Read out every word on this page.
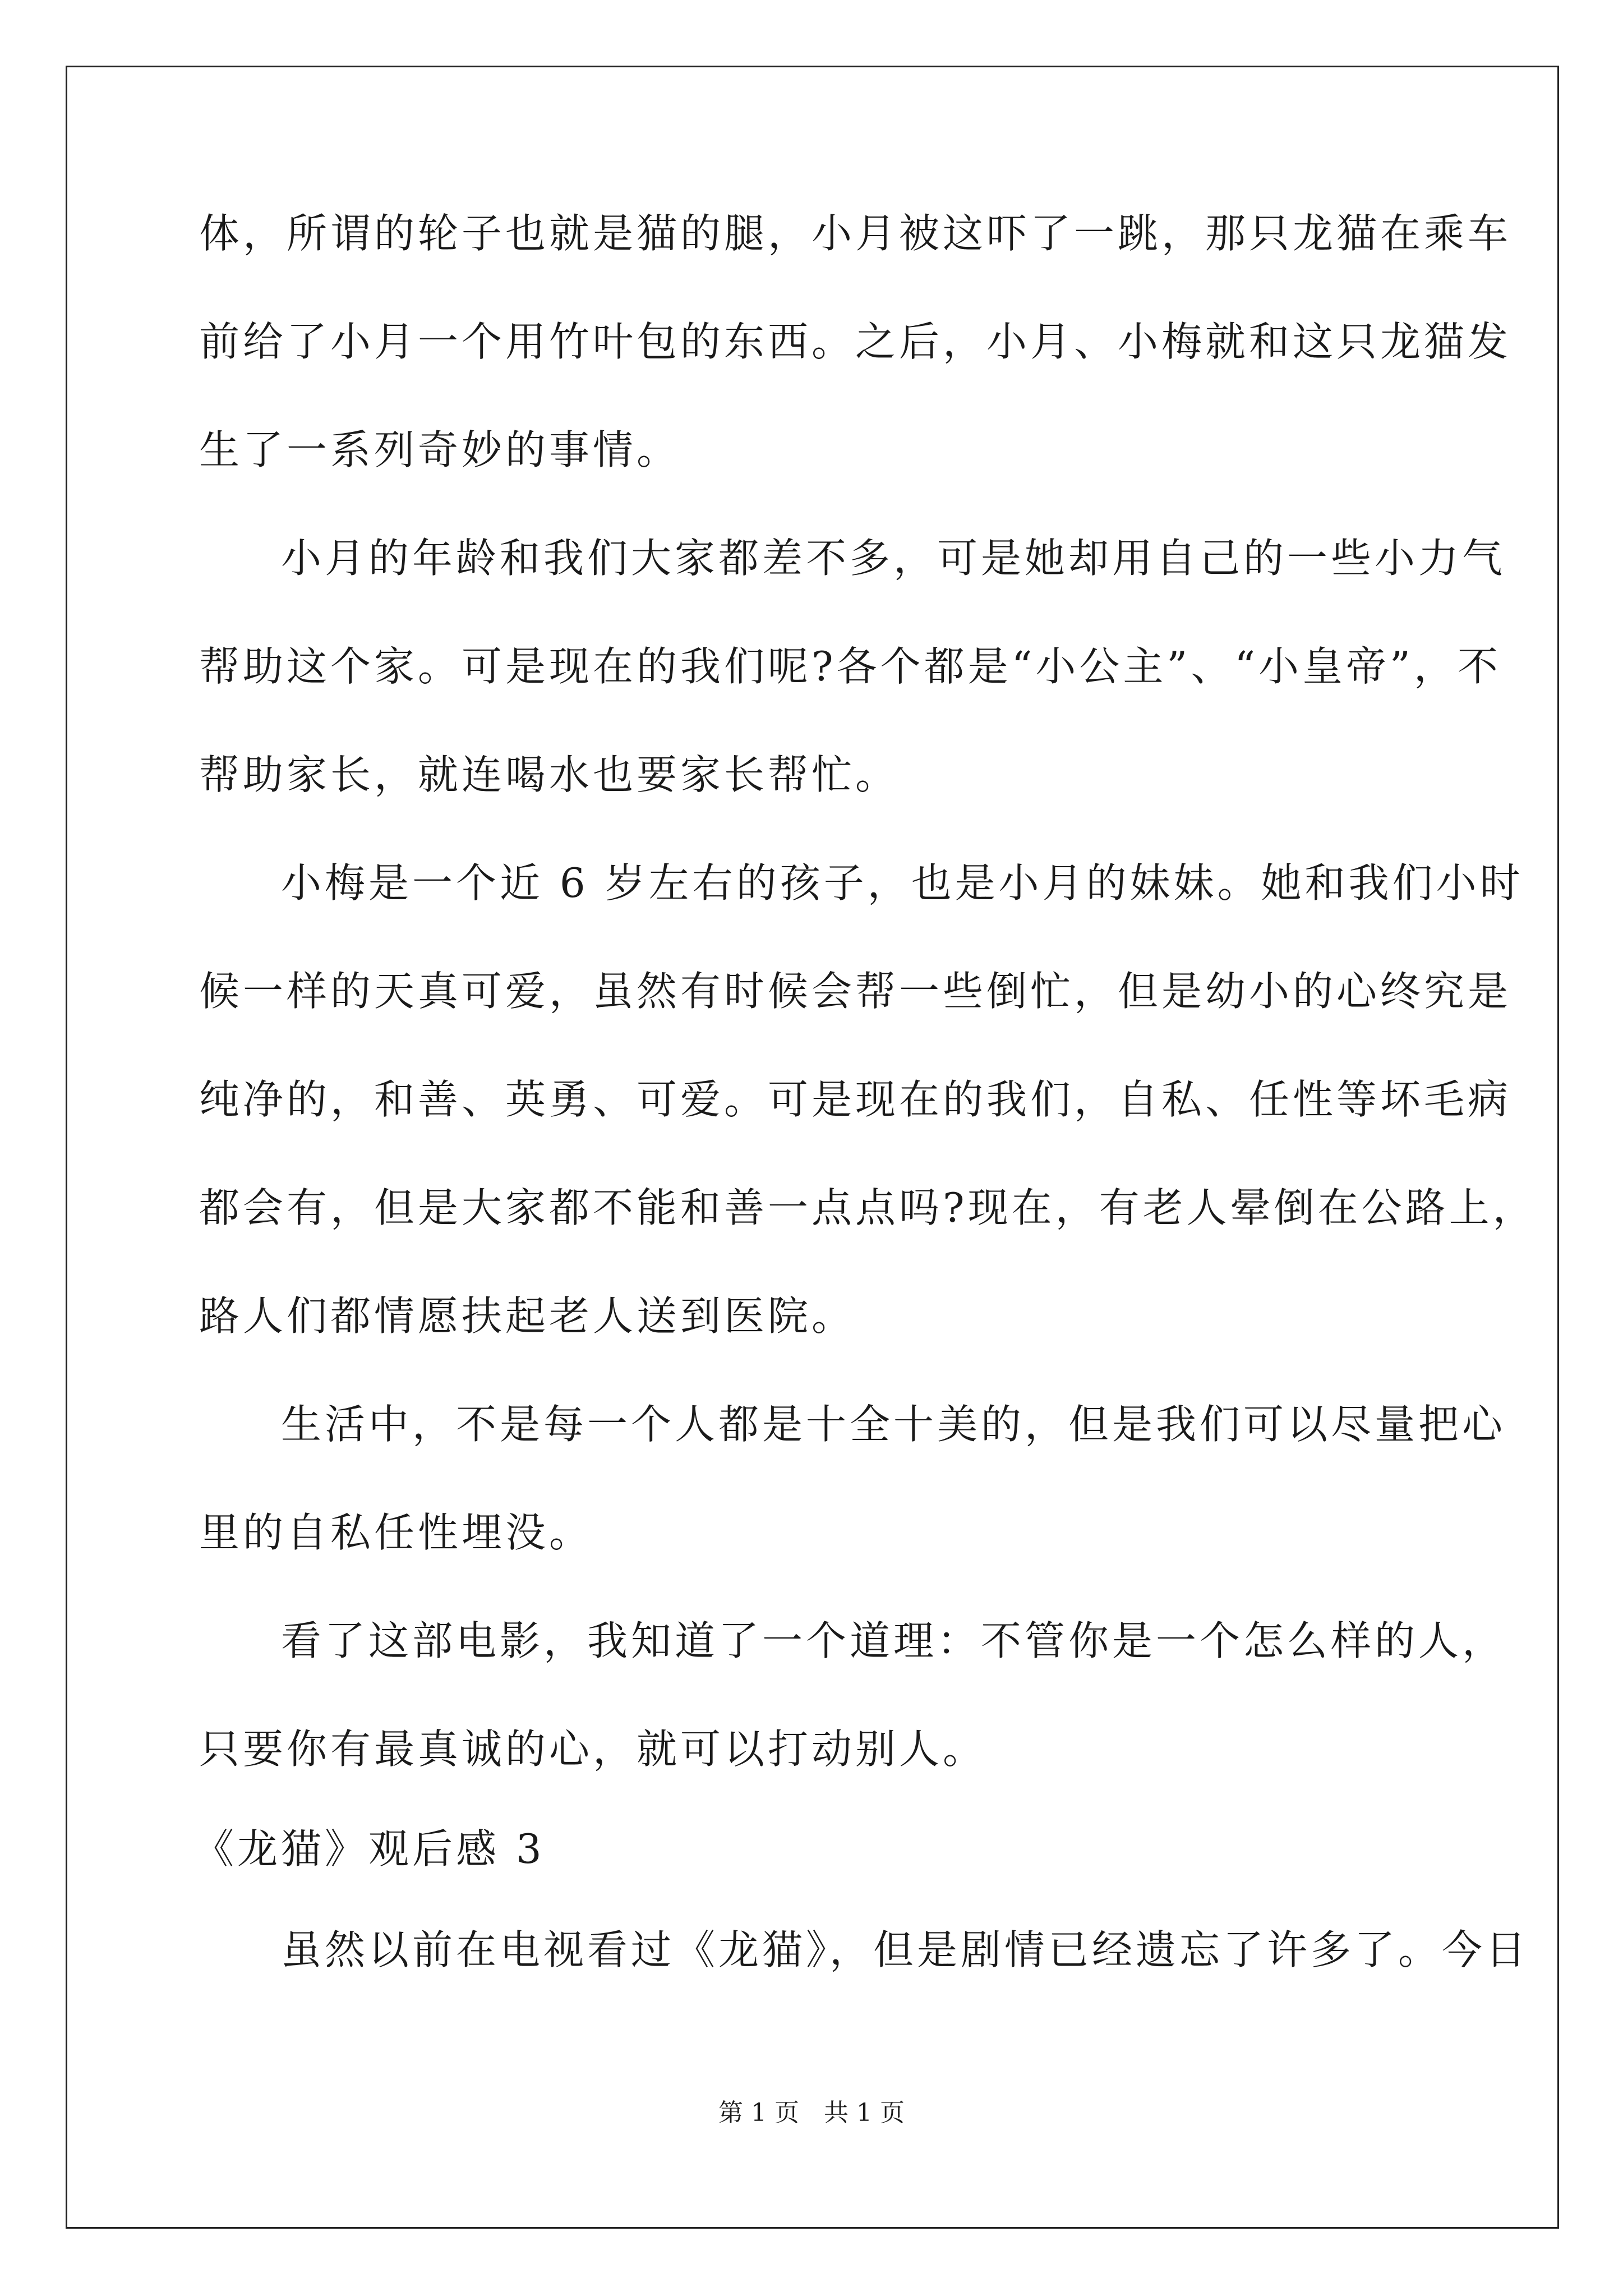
体，所谓的轮子也就是猫的腿，小月被这吓了一跳，那只龙猫在乘车
前给了小月一个用竹叶包的东西。之后，小月、小梅就和这只龙猫发
生了一系列奇妙的事情。
小月的年龄和我们大家都差不多，可是她却用自己的一些小力气
帮助这个家。可是现在的我们呢?各个都是“小公主”、“小皇帝”，不
帮助家长，就连喝水也要家长帮忙。
小梅是一个近 6 岁左右的孩子，也是小月的妹妹。她和我们小时
候一样的天真可爱，虽然有时候会帮一些倒忙，但是幼小的心终究是
纯净的，和善、英勇、可爱。可是现在的我们，自私、任性等坏毛病
都会有，但是大家都不能和善一点点吗?现在，有老人晕倒在公路上，
路人们都情愿扶起老人送到医院。
生活中，不是每一个人都是十全十美的，但是我们可以尽量把心
里的自私任性埋没。
看了这部电影，我知道了一个道理：不管你是一个怎么样的人，
只要你有最真诚的心，就可以打动别人。
《龙猫》观后感 3
虽然以前在电视看过《龙猫》，但是剧情已经遗忘了许多了。今日
第 1 页　共 1 页
